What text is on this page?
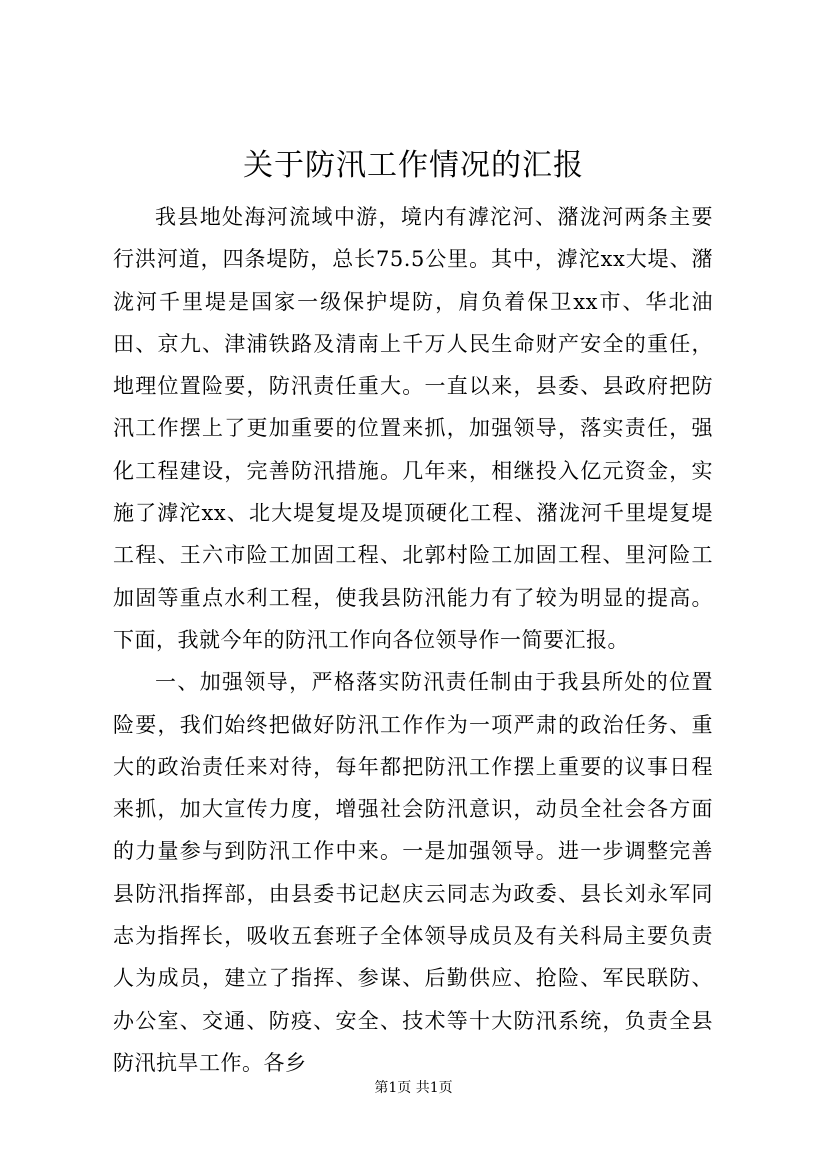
关于防汛工作情况的汇报

我县地处海河流域中游，境内有滹沱河、潴泷河两条主要行洪河道，四条堤防，总长75.5公里。其中，滹沱xx大堤、潴泷河千里堤是国家一级保护堤防，肩负着保卫xx市、华北油田、京九、津浦铁路及清南上千万人民生命财产安全的重任，地理位置险要，防汛责任重大。一直以来，县委、县政府把防汛工作摆上了更加重要的位置来抓，加强领导，落实责任，强化工程建设，完善防汛措施。几年来，相继投入亿元资金，实施了滹沱xx、北大堤复堤及堤顶硬化工程、潴泷河千里堤复堤工程、王六市险工加固工程、北郭村险工加固工程、里河险工加固等重点水利工程，使我县防汛能力有了较为明显的提高。下面，我就今年的防汛工作向各位领导作一简要汇报。

一、加强领导，严格落实防汛责任制由于我县所处的位置险要，我们始终把做好防汛工作作为一项严肃的政治任务、重大的政治责任来对待，每年都把防汛工作摆上重要的议事日程来抓，加大宣传力度，增强社会防汛意识，动员全社会各方面的力量参与到防汛工作中来。一是加强领导。进一步调整完善县防汛指挥部，由县委书记赵庆云同志为政委、县长刘永军同志为指挥长，吸收五套班子全体领导成员及有关科局主要负责人为成员，建立了指挥、参谋、后勤供应、抢险、军民联防、办公室、交通、防疫、安全、技术等十大防汛系统，负责全县防汛抗旱工作。各乡

第1页 共1页
